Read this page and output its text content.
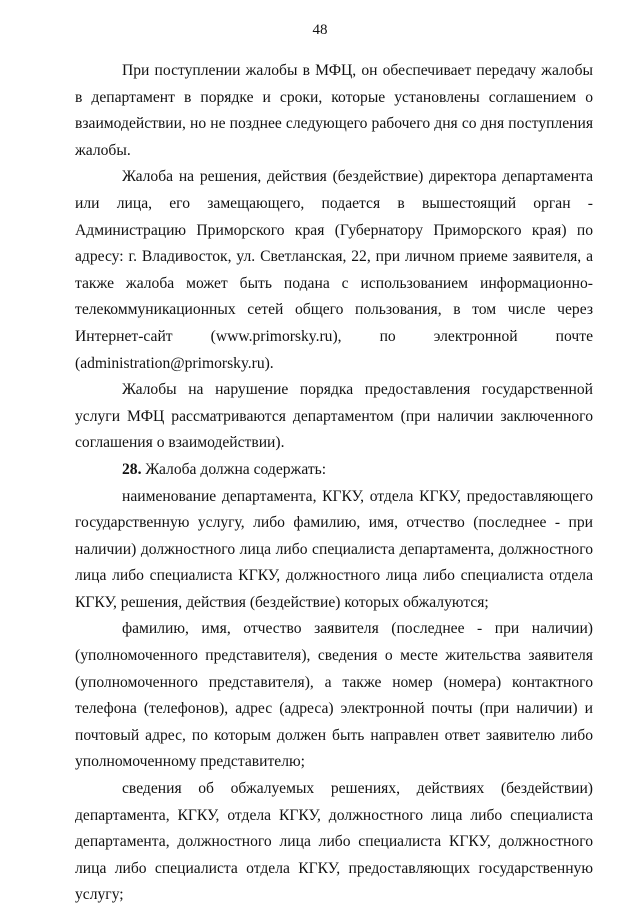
48

При поступлении жалобы в МФЦ, он обеспечивает передачу жалобы в департамент в порядке и сроки, которые установлены соглашением о взаимодействии, но не позднее следующего рабочего дня со дня поступления жалобы.

Жалоба на решения, действия (бездействие) директора департамента или лица, его замещающего, подается в вышестоящий орган - Администрацию Приморского края (Губернатору Приморского края) по адресу: г. Владивосток, ул. Светланская, 22, при личном приеме заявителя, а также жалоба может быть подана с использованием информационно-телекоммуникационных сетей общего пользования, в том числе через Интернет-сайт (www.primorsky.ru), по электронной почте (administration@primorsky.ru).

Жалобы на нарушение порядка предоставления государственной услуги МФЦ рассматриваются департаментом (при наличии заключенного соглашения о взаимодействии).

28. Жалоба должна содержать:

наименование департамента, КГКУ, отдела КГКУ, предоставляющего государственную услугу, либо фамилию, имя, отчество (последнее - при наличии) должностного лица либо специалиста департамента, должностного лица либо специалиста КГКУ, должностного лица либо специалиста отдела КГКУ, решения, действия (бездействие) которых обжалуются;

фамилию, имя, отчество заявителя (последнее - при наличии) (уполномоченного представителя), сведения о месте жительства заявителя (уполномоченного представителя), а также номер (номера) контактного телефона (телефонов), адрес (адреса) электронной почты (при наличии) и почтовый адрес, по которым должен быть направлен ответ заявителю либо уполномоченному представителю;

сведения об обжалуемых решениях, действиях (бездействии) департамента, КГКУ, отдела КГКУ, должностного лица либо специалиста департамента, должностного лица либо специалиста КГКУ, должностного лица либо специалиста отдела КГКУ, предоставляющих государственную услугу;
